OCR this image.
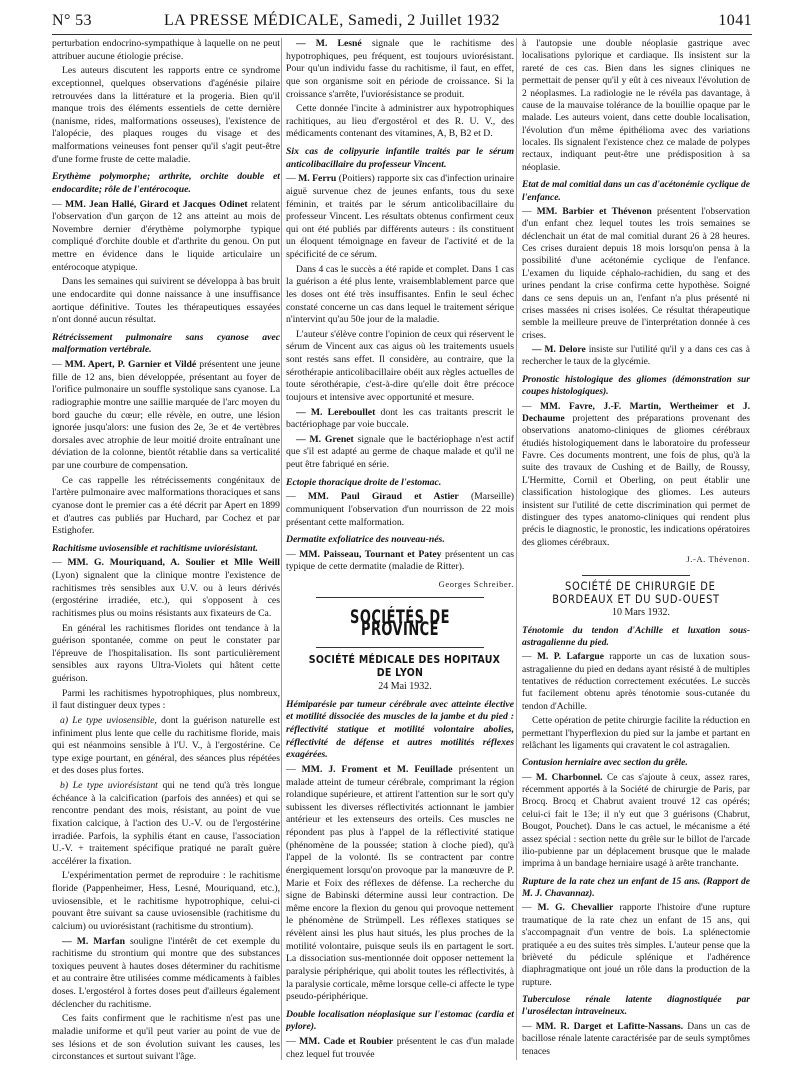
N° 53	LA PRESSE MÉDICALE, Samedi, 2 Juillet 1932	1041

perturbation endocrino-sympathique à laquelle on ne peut attribuer aucune étiologie précise.

Les auteurs discutent les rapports entre ce syndrome exceptionnel, quelques observations d'agénésie pilaire retrouvées dans la littérature et la progeria. Bien qu'il manque trois des éléments essentiels de cette dernière (nanisme, rides, malformations osseuses), l'existence de l'alopécie, des plaques rouges du visage et des malformations veineuses font penser qu'il s'agit peut-être d'une forme fruste de cette maladie.

Erythème polymorphe; arthrite, orchite double et endocardite; rôle de l'entérocoque.

— MM. Jean Hallé, Girard et Jacques Odinet relatent l'observation d'un garçon de 12 ans atteint au mois de Novembre dernier d'érythème polymorphe typique compliqué d'orchite double et d'arthrite du genou. On put mettre en évidence dans le liquide articulaire un entérocoque atypique.

Dans les semaines qui suivirent se développa à bas bruit une endocardite qui donne naissance à une insuffisance aortique définitive. Toutes les thérapeutiques essayées n'ont donné aucun résultat.

Rétrécissement pulmonaire sans cyanose avec malformation vertébrale.

— MM. Apert, P. Garnier et Vildé présentent une jeune fille de 12 ans, bien développée, présentant au foyer de l'orifice pulmonaire un souffle systolique sans cyanose. La radiographie montre une saillie marquée de l'arc moyen du bord gauche du cœur; elle révèle, en outre, une lésion ignorée jusqu'alors: une fusion des 2e, 3e et 4e vertèbres dorsales avec atrophie de leur moitié droite entraînant une déviation de la colonne, bientôt rétablie dans sa verticalité par une courbure de compensation.

Ce cas rappelle les rétrécissements congénitaux de l'artère pulmonaire avec malformations thoraciques et sans cyanose dont le premier cas a été décrit par Apert en 1899 et d'autres cas publiés par Huchard, par Cochez et par Estighofer.

Rachitisme uviosensible et rachitisme uviorésistant.

— MM. G. Mouriquand, A. Soulier et Mlle Weill (Lyon) signalent que la clinique montre l'existence de rachitismes très sensibles aux U.V. ou à leurs dérivés (ergostérine irradiée, etc.), qui s'opposent à ces rachitismes plus ou moins résistants aux fixateurs de Ca.

En général les rachitismes florides ont tendance à la guérison spontanée, comme on peut le constater par l'épreuve de l'hospitalisation. Ils sont particulièrement sensibles aux rayons Ultra-Violets qui hâtent cette guérison.

Parmi les rachitismes hypotrophiques, plus nombreux, il faut distinguer deux types :

a) Le type uviosensible, dont la guérison naturelle est infiniment plus lente que celle du rachitisme floride, mais qui est néanmoins sensible à l'U. V., à l'ergostérine. Ce type exige pourtant, en général, des séances plus répétées et des doses plus fortes.

b) Le type uviorésistant qui ne tend qu'à très longue échéance à la calcification (parfois des années) et qui se rencontre pendant des mois, résistant, au point de vue fixation calcique, à l'action des U.-V. ou de l'ergostérine irradiée. Parfois, la syphilis étant en cause, l'association U.-V. + traitement spécifique pratiqué ne paraît guère accélérer la fixation.

L'expérimentation permet de reproduire : le rachitisme floride (Pappenheimer, Hess, Lesné, Mouriquand, etc.), uviosensible, et le rachitisme hypotrophique, celui-ci pouvant être suivant sa cause uviosensible (rachitisme du calcium) ou uviorésistant (rachitisme du strontium).

— M. Marfan souligne l'intérêt de cet exemple du rachitisme du strontium qui montre que des substances toxiques peuvent à hautes doses déterminer du rachitisme et au contraire être utilisées comme médicaments à faibles doses. L'ergostérol à fortes doses peut d'ailleurs également déclencher du rachitisme.

Ces faits confirment que le rachitisme n'est pas une maladie uniforme et qu'il peut varier au point de vue de ses lésions et de son évolution suivant les causes, les circonstances et surtout suivant l'âge.

— M. Lesné signale que le rachitisme des hypotrophiques, peu fréquent, est toujours uviorésistant. Pour qu'un individu fasse du rachitisme, il faut, en effet, que son organisme soit en période de croissance. Si la croissance s'arrête, l'uviorésistance se produit.

Cette donnée l'incite à administrer aux hypotrophiques rachitiques, au lieu d'ergostérol et des R. U. V., des médicaments contenant des vitamines, A, B, B2 et D.

Six cas de colipyurie infantile traités par le sérum anticolibacillaire du professeur Vincent.

— M. Ferru (Poitiers) rapporte six cas d'infection urinaire aiguë survenue chez de jeunes enfants, tous du sexe féminin, et traités par le sérum anticolibacillaire du professeur Vincent. Les résultats obtenus confirment ceux qui ont été publiés par différents auteurs : ils constituent un éloquent témoignage en faveur de l'activité et de la spécificité de ce sérum.

Dans 4 cas le succès a été rapide et complet. Dans 1 cas la guérison a été plus lente, vraisemblablement parce que les doses ont été très insuffisantes. Enfin le seul échec constaté concerne un cas dans lequel le traitement sérique n'intervint qu'au 50e jour de la maladie.

L'auteur s'élève contre l'opinion de ceux qui réservent le sérum de Vincent aux cas aigus où les traitements usuels sont restés sans effet. Il considère, au contraire, que la sérothérapie anticolibacillaire obéit aux règles actuelles de toute sérothérapie, c'est-à-dire qu'elle doit être précoce toujours et intensive avec opportunité et mesure.

— M. Lereboullet dont les cas traitants prescrit le bactériophage par voie buccale.

— M. Grenet signale que le bactériophage n'est actif que s'il est adapté au germe de chaque malade et qu'il ne peut être fabriqué en série.

Ectopie thoracique droite de l'estomac.

— MM. Paul Giraud et Astier (Marseille) communiquent l'observation d'un nourrisson de 22 mois présentant cette malformation.

Dermatite exfoliatrice des nouveau-nés.

— MM. Paisseau, Tournant et Patey présentent un cas typique de cette dermatite (maladie de Ritter).

Georges Schreiber.

SOCIÉTÉS DE PROVINCE

SOCIÉTÉ MÉDICALE DES HOPITAUX DE LYON

24 Mai 1932.

Hémiparésie par tumeur cérébrale avec atteinte élective et motilité dissociée des muscles de la jambe et du pied : réflectivité statique et motilité volontaire abolies, réflectivité de défense et autres motilités réflexes exagérées.

— MM. J. Froment et M. Feuillade présentent un malade atteint de tumeur cérébrale, comprimant la région rolandique supérieure, et attirent l'attention sur le sort qu'y subissent les diverses réflectivités actionnant le jambier antérieur et les extenseurs des orteils. Ces muscles ne répondent pas plus à l'appel de la réflectivité statique (phénomène de la poussée; station à cloche pied), qu'à l'appel de la volonté. Ils se contractent par contre énergiquement lorsqu'on provoque par la manœuvre de P. Marie et Foix des réflexes de défense. La recherche du signe de Babinski détermine aussi leur contraction. De même encore la flexion du genou qui provoque nettement le phénomène de Strümpell. Les réflexes statiques se révèlent ainsi les plus haut situés, les plus proches de la motilité volontaire, puisque seuls ils en partagent le sort. La dissociation sus-mentionnée doit opposer nettement la paralysie périphérique, qui abolit toutes les réflectivités, à la paralysie corticale, même lorsque celle-ci affecte le type pseudo-périphérique.

Double localisation néoplasique sur l'estomac (cardia et pylore).

— MM. Cade et Roubier présentent le cas d'un malade chez lequel fut trouvée

à l'autopsie une double néoplasie gastrique avec localisations pylorique et cardiaque. Ils insistent sur la rareté de ces cas. Bien dans les signes cliniques ne permettait de penser qu'il y eût à ces niveaux l'évolution de 2 néoplasmes. La radiologie ne le révéla pas davantage, à cause de la mauvaise tolérance de la bouillie opaque par le malade. Les auteurs voient, dans cette double localisation, l'évolution d'un même épithélioma avec des variations locales. Ils signalent l'existence chez ce malade de polypes rectaux, indiquant peut-être une prédisposition à sa néoplasie.

Etat de mal comitial dans un cas d'acétonémie cyclique de l'enfance.

— MM. Barbier et Thévenon présentent l'observation d'un enfant chez lequel toutes les trois semaines se déclenchait un état de mal comitial durant 26 à 28 heures. Ces crises duraient depuis 18 mois lorsqu'on pensa à la possibilité d'une acétonémie cyclique de l'enfance. L'examen du liquide céphalo-rachidien, du sang et des urines pendant la crise confirma cette hypothèse. Soigné dans ce sens depuis un an, l'enfant n'a plus présenté ni crises massées ni crises isolées. Ce résultat thérapeutique semble la meilleure preuve de l'interprétation donnée à ces crises.

— M. Delore insiste sur l'utilité qu'il y a dans ces cas à rechercher le taux de la glycémie.

Pronostic histologique des gliomes (démonstration sur coupes histologiques).

— MM. Favre, J.-F. Martin, Wertheimer et J. Dechaume projettent des préparations provenant des observations anatomo-cliniques de gliomes cérébraux étudiés histologiquement dans le laboratoire du professeur Favre. Ces documents montrent, une fois de plus, qu'à la suite des travaux de Cushing et de Bailly, de Roussy, L'Hermitte, Cornil et Oberling, on peut établir une classification histologique des gliomes. Les auteurs insistent sur l'utilité de cette discrimination qui permet de distinguer des types anatomo-cliniques qui rendent plus précis le diagnostic, le pronostic, les indications opératoires des gliomes cérébraux.

J.-A. Thévenon.

SOCIÉTÉ DE CHIRURGIE DE BORDEAUX ET DU SUD-OUEST

10 Mars 1932.

Ténotomie du tendon d'Achille et luxation sous-astragalienne du pied.

— M. P. Lafargue rapporte un cas de luxation sous-astragalienne du pied en dedans ayant résisté à de multiples tentatives de réduction correctement exécutées. Le succès fut facilement obtenu après ténotomie sous-cutanée du tendon d'Achille.

Cette opération de petite chirurgie facilite la réduction en permettant l'hyperflexion du pied sur la jambe et partant en relâchant les ligaments qui cravatent le col astragalien.

Contusion herniaire avec section du grêle.

— M. Charbonnel. Ce cas s'ajoute à ceux, assez rares, récemment apportés à la Société de chirurgie de Paris, par Brocq. Brocq et Chabrut avaient trouvé 12 cas opérés; celui-ci fait le 13e; il n'y eut que 3 guérisons (Chabrut, Bougot, Pouchet). Dans le cas actuel, le mécanisme a été assez spécial : section nette du grêle sur le billot de l'arcade ilio-pubienne par un déplacement brusque que le malade imprima à un bandage herniaire usagé à arête tranchante.

Rupture de la rate chez un enfant de 15 ans. (Rapport de M. J. Chavannaz).

— M. G. Chevallier rapporte l'histoire d'une rupture traumatique de la rate chez un enfant de 15 ans, qui s'accompagnait d'un ventre de bois. La splénectomie pratiquée a eu des suites très simples. L'auteur pense que la brièveté du pédicule splénique et l'adhérence diaphragmatique ont joué un rôle dans la production de la rupture.

Tuberculose rénale latente diagnostiquée par l'urosélectan intraveineux.

— MM. R. Darget et Lafitte-Nassans. Dans un cas de bacillose rénale latente caractérisée par de seuls symptômes tenaces
